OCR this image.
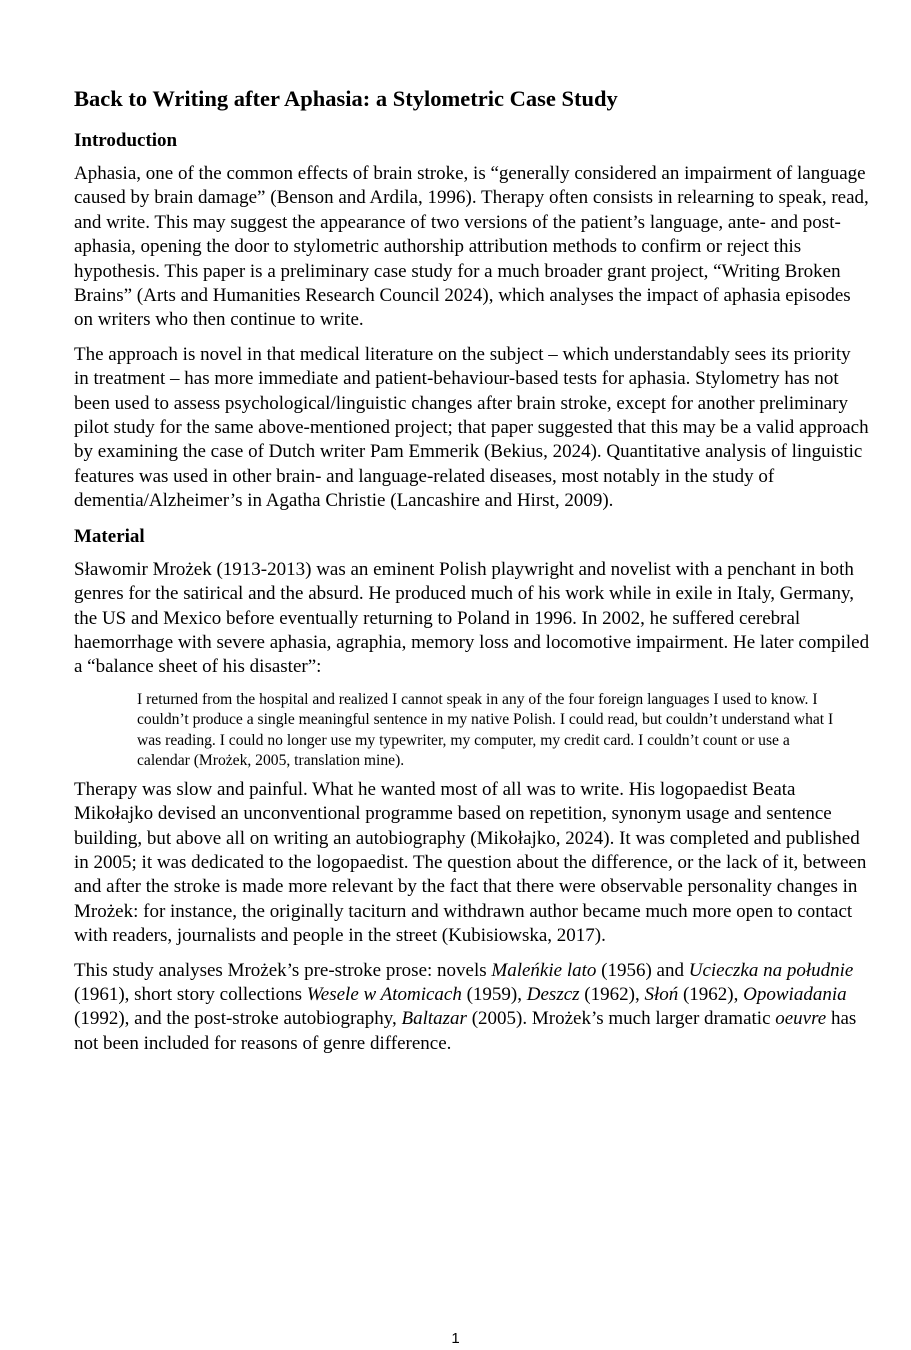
Back to Writing after Aphasia: a Stylometric Case Study
Introduction

Aphasia, one of the common effects of brain stroke, is “generally considered an impairment of language caused by brain damage” (Benson and Ardila, 1996). Therapy often consists in relearning to speak, read, and write. This may suggest the appearance of two versions of the patient’s language, ante- and post-aphasia, opening the door to stylometric authorship attribution methods to confirm or reject this hypothesis. This paper is a preliminary case study for a much broader grant project, “Writing Broken Brains” (Arts and Humanities Research Council 2024), which analyses the impact of aphasia episodes on writers who then continue to write.

The approach is novel in that medical literature on the subject – which understandably sees its priority in treatment – has more immediate and patient-behaviour-based tests for aphasia. Stylometry has not been used to assess psychological/linguistic changes after brain stroke, except for another preliminary pilot study for the same above-mentioned project; that paper suggested that this may be a valid approach by examining the case of Dutch writer Pam Emmerik (Bekius, 2024). Quantitative analysis of linguistic features was used in other brain- and language-related diseases, most notably in the study of dementia/Alzheimer’s in Agatha Christie (Lancashire and Hirst, 2009).

Material

Sławomir Mrożek (1913-2013) was an eminent Polish playwright and novelist with a penchant in both genres for the satirical and the absurd. He produced much of his work while in exile in Italy, Germany, the US and Mexico before eventually returning to Poland in 1996. In 2002, he suffered cerebral haemorrhage with severe aphasia, agraphia, memory loss and locomotive impairment. He later compiled a “balance sheet of his disaster”:

I returned from the hospital and realized I cannot speak in any of the four foreign languages I used to know. I couldn’t produce a single meaningful sentence in my native Polish. I could read, but couldn’t understand what I was reading. I could no longer use my typewriter, my computer, my credit card. I couldn’t count or use a calendar (Mrożek, 2005, translation mine).

Therapy was slow and painful. What he wanted most of all was to write. His logopaedist Beata Mikołajko devised an unconventional programme based on repetition, synonym usage and sentence building, but above all on writing an autobiography (Mikołajko, 2024). It was completed and published in 2005; it was dedicated to the logopaedist. The question about the difference, or the lack of it, between and after the stroke is made more relevant by the fact that there were observable personality changes in Mrożek: for instance, the originally taciturn and withdrawn author became much more open to contact with readers, journalists and people in the street (Kubisiowska, 2017).

This study analyses Mrożek’s pre-stroke prose: novels Maleńkie lato (1956) and Ucieczka na południe (1961), short story collections Wesele w Atomicach (1959), Deszcz (1962), Słoń (1962), Opowiadania (1992), and the post-stroke autobiography, Baltazar (2005). Mrożek’s much larger dramatic oeuvre has not been included for reasons of genre difference.

1
